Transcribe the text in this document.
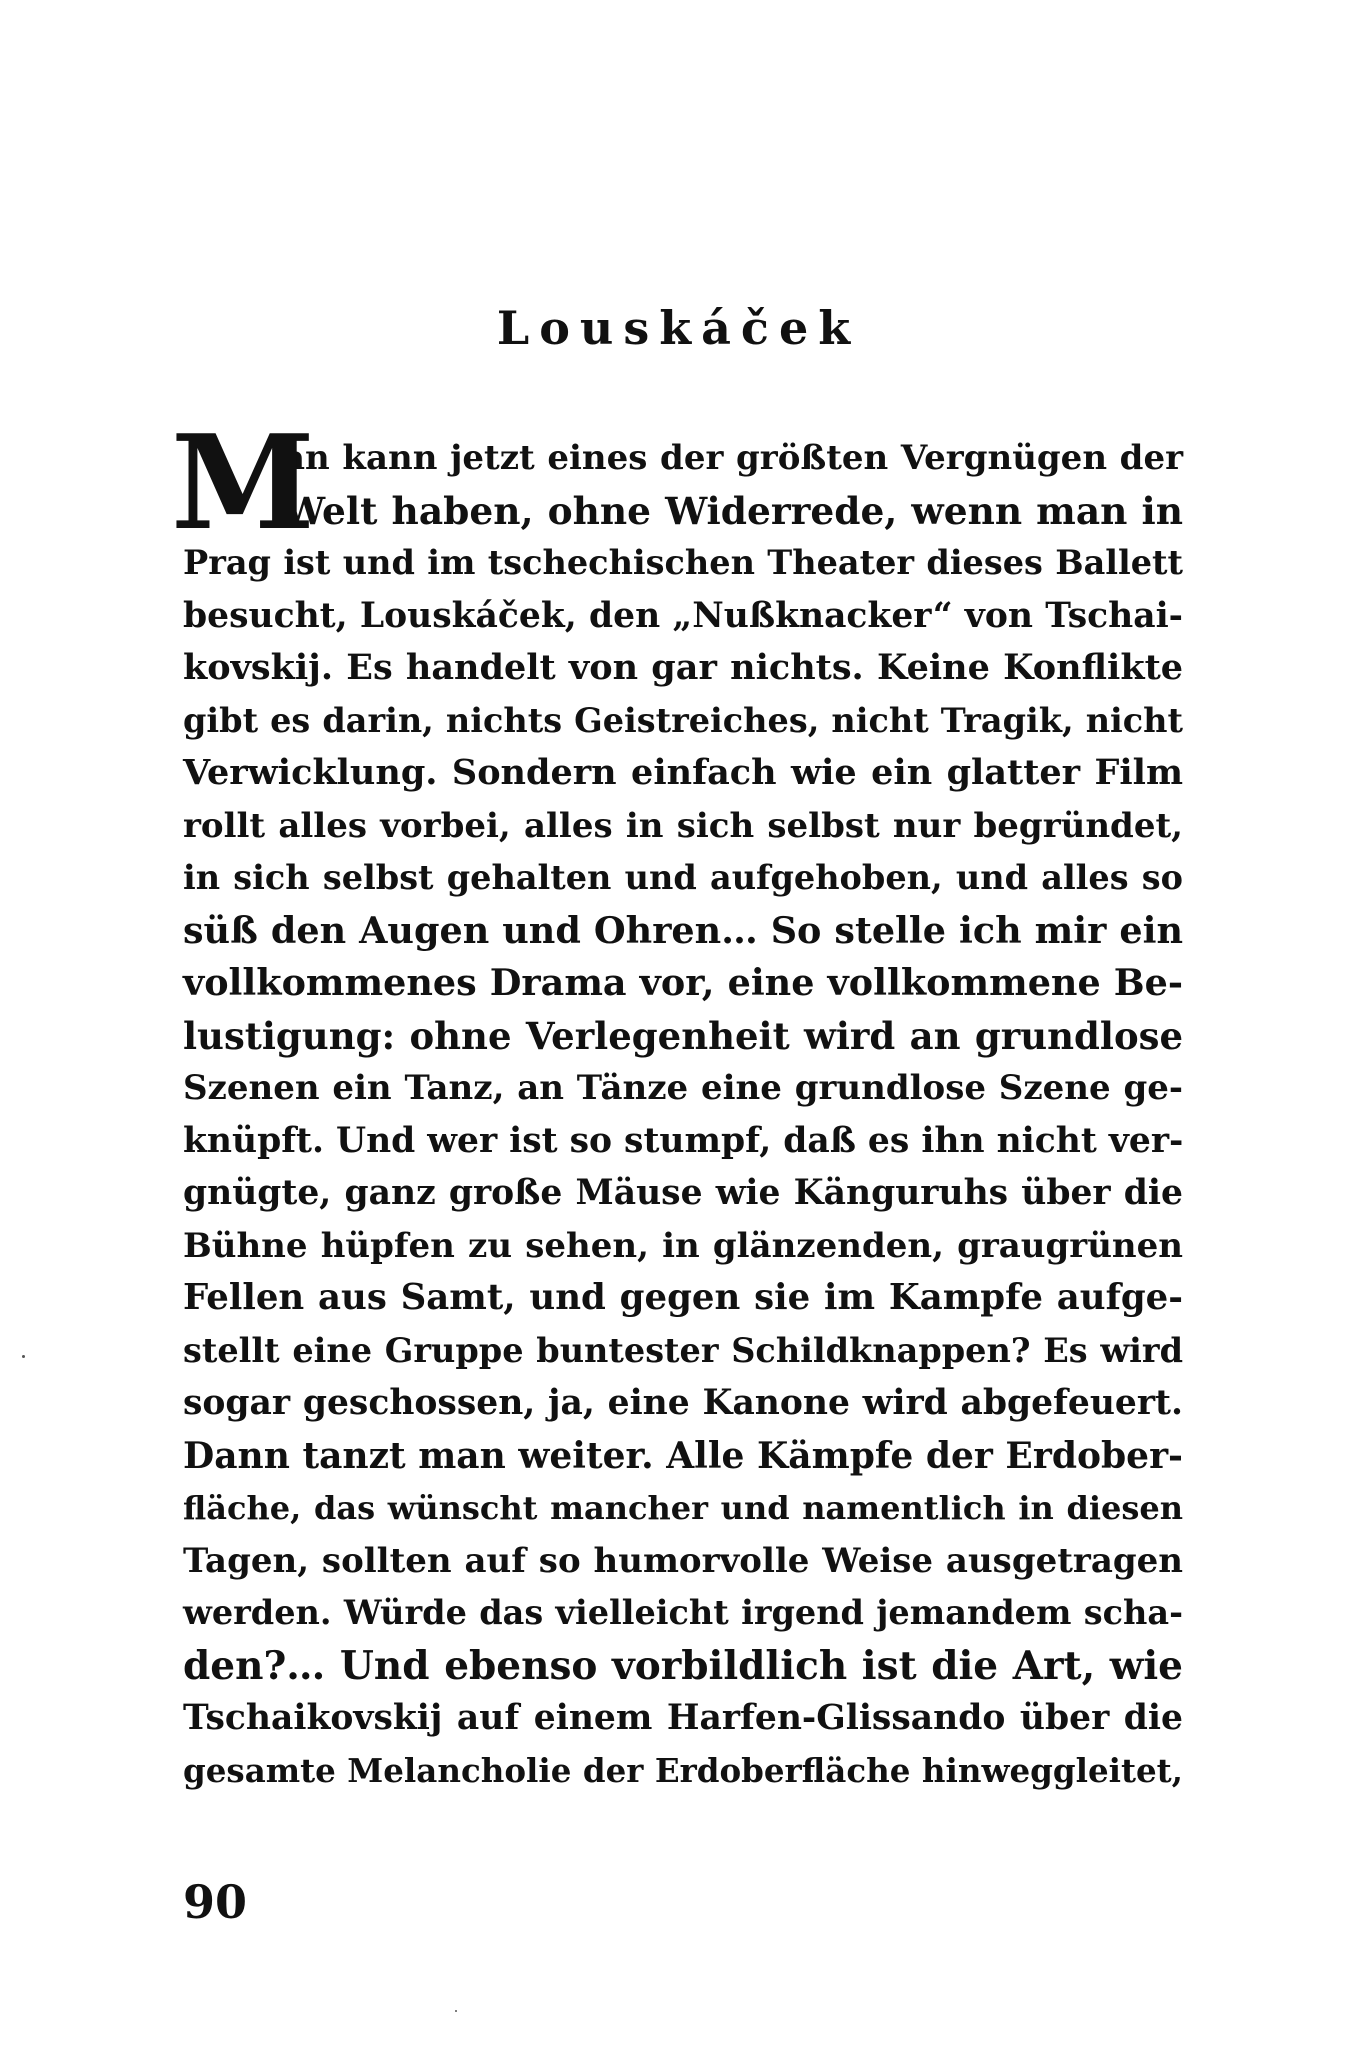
Louskáček
M
an kann jetzt eines der größten Vergnügen der
Welt haben, ohne Widerrede, wenn man in
Prag ist und im tschechischen Theater dieses Ballett
besucht, Louskáček, den „Nußknacker“ von Tschai-
kovskij. Es handelt von gar nichts. Keine Konflikte
gibt es darin, nichts Geistreiches, nicht Tragik, nicht
Verwicklung. Sondern einfach wie ein glatter Film
rollt alles vorbei, alles in sich selbst nur begründet,
in sich selbst gehalten und aufgehoben, und alles so
süß den Augen und Ohren… So stelle ich mir ein
vollkommenes Drama vor, eine vollkommene Be-
lustigung: ohne Verlegenheit wird an grundlose
Szenen ein Tanz, an Tänze eine grundlose Szene ge-
knüpft. Und wer ist so stumpf, daß es ihn nicht ver-
gnügte, ganz große Mäuse wie Känguruhs über die
Bühne hüpfen zu sehen, in glänzenden, graugrünen
Fellen aus Samt, und gegen sie im Kampfe aufge-
stellt eine Gruppe buntester Schildknappen? Es wird
sogar geschossen, ja, eine Kanone wird abgefeuert.
Dann tanzt man weiter. Alle Kämpfe der Erdober-
fläche, das wünscht mancher und namentlich in diesen
Tagen, sollten auf so humorvolle Weise ausgetragen
werden. Würde das vielleicht irgend jemandem scha-
den?… Und ebenso vorbildlich ist die Art, wie
Tschaikovskij auf einem Harfen-Glissando über die
gesamte Melancholie der Erdoberfläche hinweggleitet,
90
